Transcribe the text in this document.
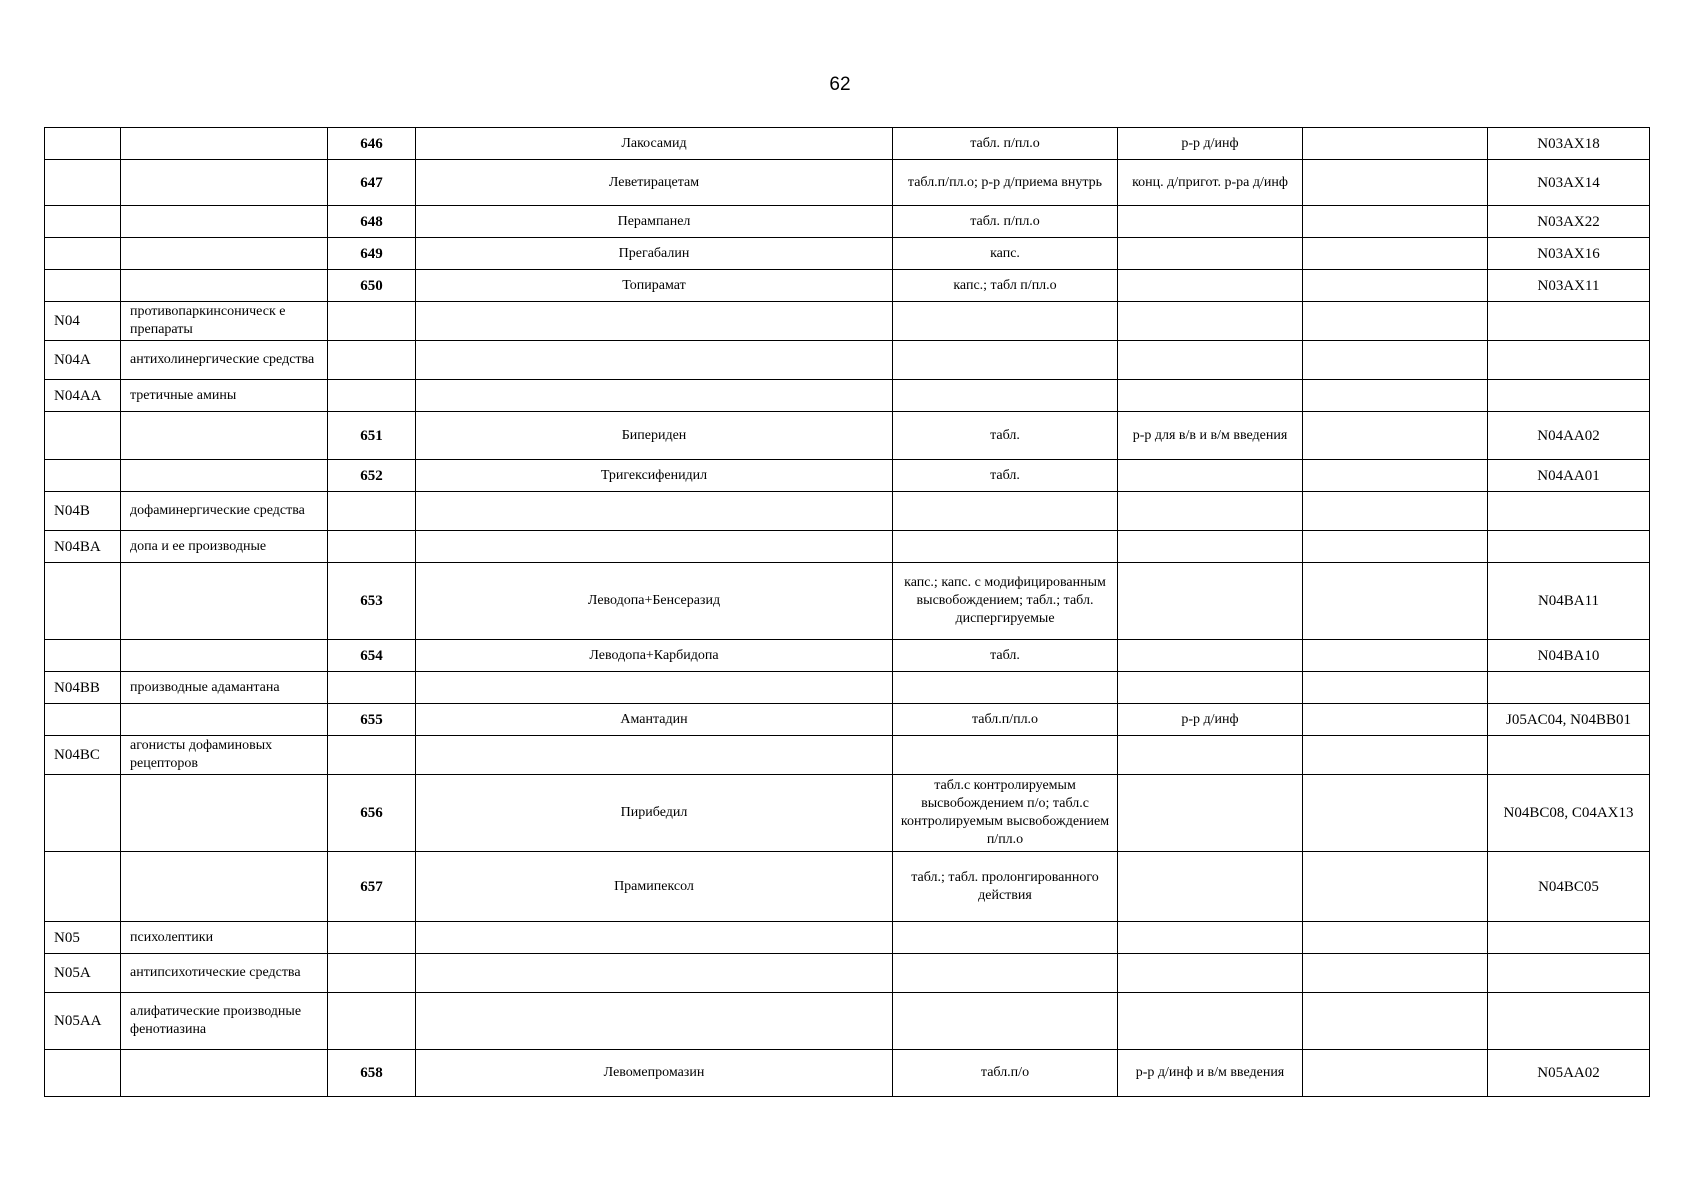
62
		646	Лакосамид	табл. п/пл.о	р-р д/инф		N03AX18
		647	Леветирацетам	табл.п/пл.о; р-р д/приема внутрь	конц. д/пригот. р-ра д/инф		N03AX14
		648	Перампанел	табл. п/пл.о			N03AX22
		649	Прегабалин	капс.			N03AX16
		650	Топирамат	капс.; табл п/пл.о			N03AX11
N04	противопаркинсоническ е препараты						
N04A	антихолинергические средства						
N04AA	третичные амины						
		651	Бипериден	табл.	р-р для в/в и в/м введения		N04AA02
		652	Тригексифенидил	табл.			N04AA01
N04B	дофаминергические средства						
N04BA	допа и ее производные						
		653	Леводопа+Бенсеразид	капс.; капс. с модифицированным высвобождением; табл.; табл. диспергируемые			N04BA11
		654	Леводопа+Карбидопа	табл.			N04BA10
N04BB	производные адамантана						
		655	Амантадин	табл.п/пл.о	р-р д/инф		J05AC04, N04BB01
N04BC	агонисты дофаминовых рецепторов						
		656	Пирибедил	табл.с контролируемым высвобождением п/о; табл.с контролируемым высвобождением п/пл.о			N04BC08, C04AX13
		657	Прамипексол	табл.; табл. пролонгированного действия			N04BC05
N05	психолептики						
N05A	антипсихотические средства						
N05AA	алифатические производные фенотиазина						
		658	Левомепромазин	табл.п/о	р-р д/инф и в/м введения		N05AA02
